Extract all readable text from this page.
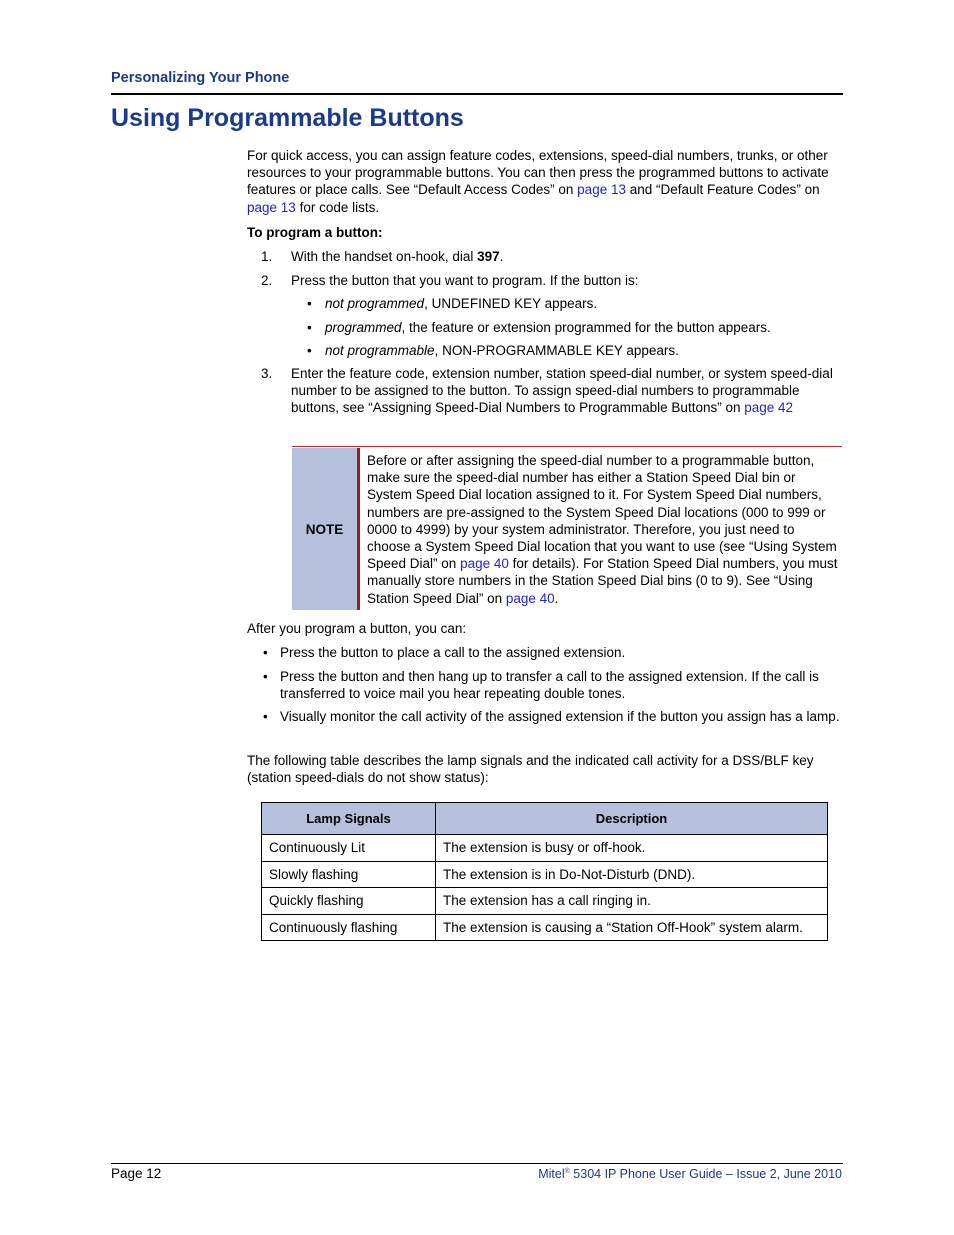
Personalizing Your Phone
Using Programmable Buttons

For quick access, you can assign feature codes, extensions, speed-dial numbers, trunks, or other resources to your programmable buttons. You can then press the programmed buttons to activate features or place calls. See “Default Access Codes” on page 13 and “Default Feature Codes” on page 13 for code lists.

To program a button:
1. With the handset on-hook, dial 397.
2. Press the button that you want to program. If the button is:
• not programmed, UNDEFINED KEY appears.
• programmed, the feature or extension programmed for the button appears.
• not programmable, NON-PROGRAMMABLE KEY appears.
3. Enter the feature code, extension number, station speed-dial number, or system speed-dial number to be assigned to the button. To assign speed-dial numbers to programmable buttons, see “Assigning Speed-Dial Numbers to Programmable Buttons” on page 42
NOTE
Before or after assigning the speed-dial number to a programmable button, make sure the speed-dial number has either a Station Speed Dial bin or System Speed Dial location assigned to it. For System Speed Dial numbers, numbers are pre-assigned to the System Speed Dial locations (000 to 999 or 0000 to 4999) by your system administrator. Therefore, you just need to choose a System Speed Dial location that you want to use (see “Using System Speed Dial” on page 40 for details). For Station Speed Dial numbers, you must manually store numbers in the Station Speed Dial bins (0 to 9). See “Using Station Speed Dial” on page 40.
After you program a button, you can:
• Press the button to place a call to the assigned extension.
• Press the button and then hang up to transfer a call to the assigned extension. If the call is transferred to voice mail you hear repeating double tones.
• Visually monitor the call activity of the assigned extension if the button you assign has a lamp.

The following table describes the lamp signals and the indicated call activity for a DSS/BLF key (station speed-dials do not show status):

Lamp Signals	Description
Continuously Lit	The extension is busy or off-hook.
Slowly flashing	The extension is in Do-Not-Disturb (DND).
Quickly flashing	The extension has a call ringing in.
Continuously flashing	The extension is causing a “Station Off-Hook” system alarm.
Page 12	Mitel® 5304 IP Phone User Guide – Issue 2, June 2010
